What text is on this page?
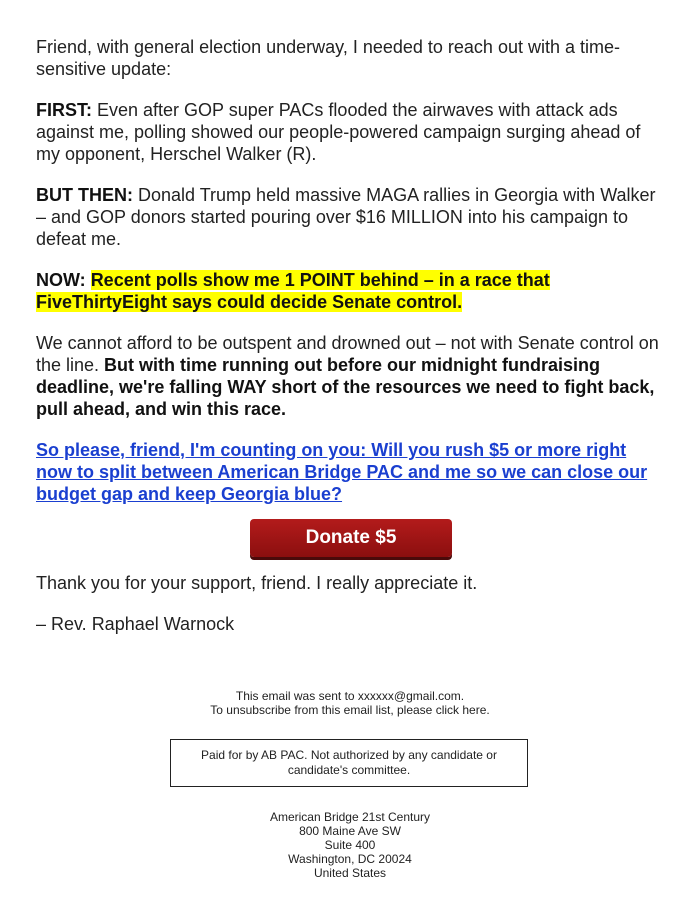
Friend, with general election underway, I needed to reach out with a time-sensitive update:

FIRST: Even after GOP super PACs flooded the airwaves with attack ads against me, polling showed our people-powered campaign surging ahead of my opponent, Herschel Walker (R).

BUT THEN: Donald Trump held massive MAGA rallies in Georgia with Walker – and GOP donors started pouring over $16 MILLION into his campaign to defeat me.

NOW: Recent polls show me 1 POINT behind – in a race that FiveThirtyEight says could decide Senate control.

We cannot afford to be outspent and drowned out – not with Senate control on the line. But with time running out before our midnight fundraising deadline, we're falling WAY short of the resources we need to fight back, pull ahead, and win this race.

So please, friend, I'm counting on you: Will you rush $5 or more right now to split between American Bridge PAC and me so we can close our budget gap and keep Georgia blue?

Donate $5

Thank you for your support, friend. I really appreciate it.

– Rev. Raphael Warnock

This email was sent to xxxxxx@gmail.com.
To unsubscribe from this email list, please click here.
Paid for by AB PAC. Not authorized by any candidate or
candidate's committee.
American Bridge 21st Century
800 Maine Ave SW
Suite 400
Washington, DC 20024
United States
